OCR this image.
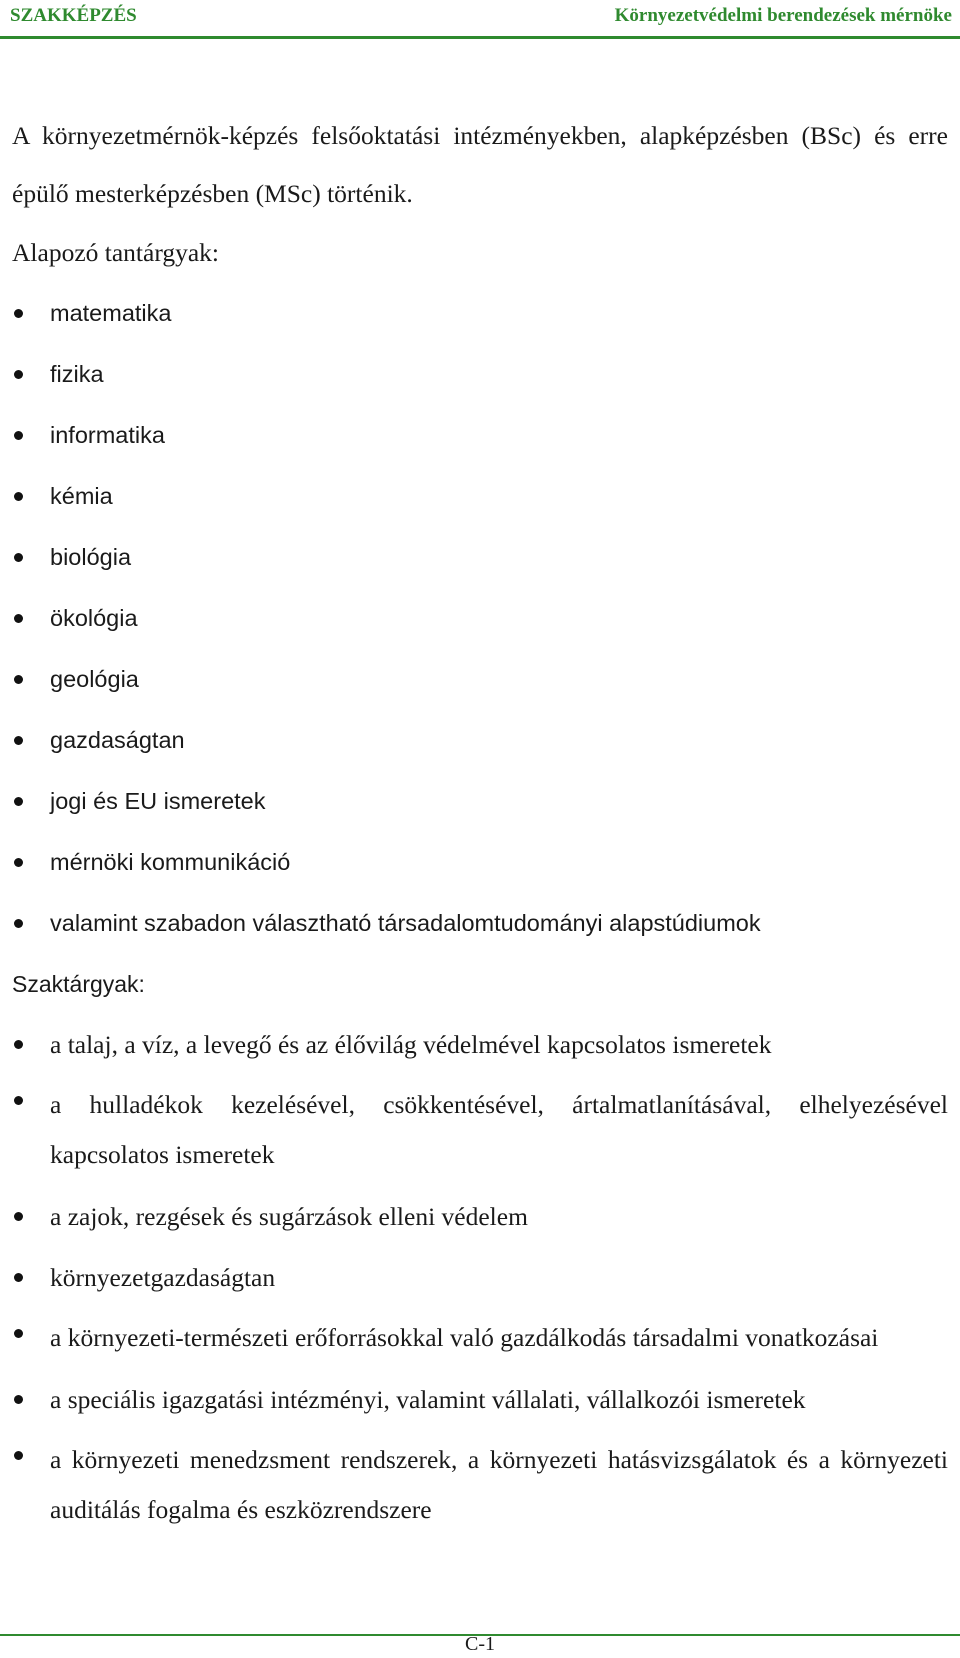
SZAKKÉPZÉS	Környezetvédelmi berendezések mérnöke

A környezetmérnök-képzés felsőoktatási intézményekben, alapképzésben (BSc) és erre épülő mesterképzésben (MSc) történik.

Alapozó tantárgyak:

matematika
fizika
informatika
kémia
biológia
ökológia
geológia
gazdaságtan
jogi és EU ismeretek
mérnöki kommunikáció
valamint szabadon választható társadalomtudományi alapstúdiumok

Szaktárgyak:

a talaj, a víz, a levegő és az élővilág védelmével kapcsolatos ismeretek
a hulladékok kezelésével, csökkentésével, ártalmatlanításával, elhelyezésével kapcsolatos ismeretek
a zajok, rezgések és sugárzások elleni védelem
környezetgazdaságtan
a környezeti-természeti erőforrásokkal való gazdálkodás társadalmi vonatkozásai
a speciális igazgatási intézményi, valamint vállalati, vállalkozói ismeretek
a környezeti menedzsment rendszerek, a környezeti hatásvizsgálatok és a környezeti auditálás fogalma és eszközrendszere
C-1
